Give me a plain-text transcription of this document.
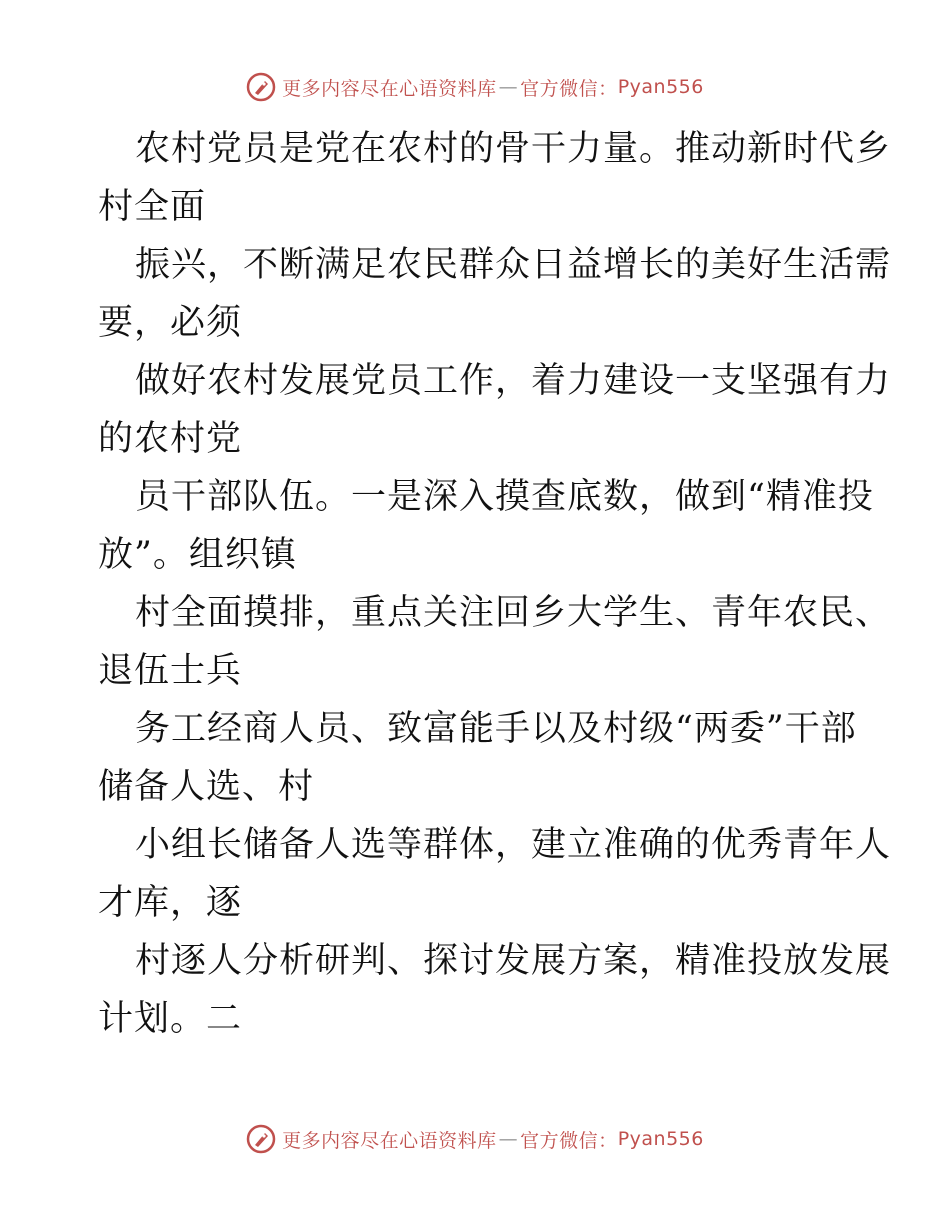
更多内容尽在心语资料库 — 官方微信： Pyan556

农村党员是党在农村的骨干力量。推动新时代乡
村全面

振兴，不断满足农民群众日益增长的美好生活需
要，必须

做好农村发展党员工作，着力建设一支坚强有力
的农村党

员干部队伍。一是深入摸查底数，做到“精准投
放”。组织镇

村全面摸排，重点关注回乡大学生、青年农民、
退伍士兵

务工经商人员、致富能手以及村级“两委”干部
储备人选、村

小组长储备人选等群体，建立准确的优秀青年人
才库，逐

村逐人分析研判、探讨发展方案，精准投放发展
计划。二

更多内容尽在心语资料库 — 官方微信： Pyan556
